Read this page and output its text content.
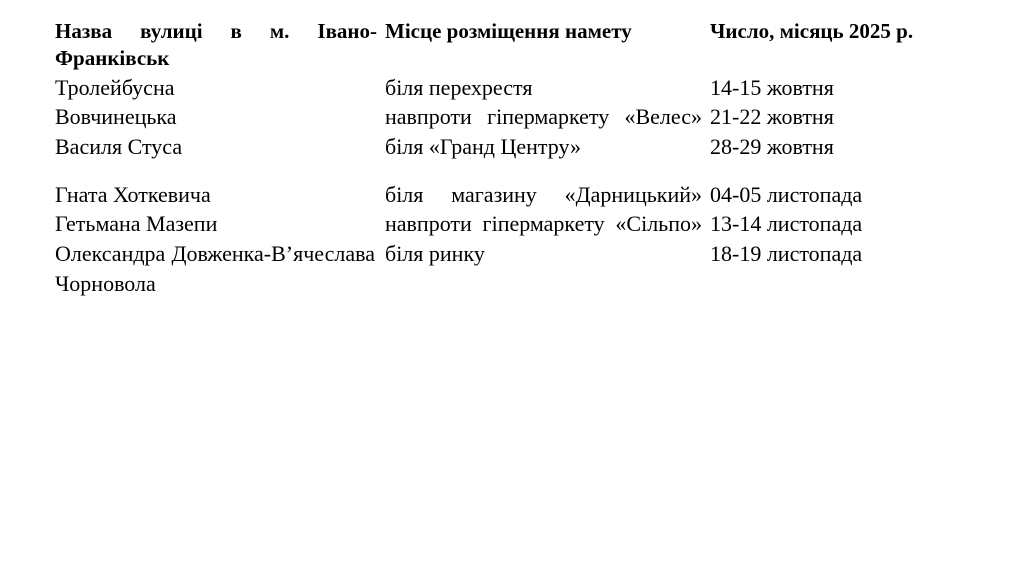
Назва вулиці в м. Івано-Франківськ	Місце розміщення намету	Число, місяць 2025 р.
Тролейбусна	біля перехрестя	14-15 жовтня
Вовчинецька	навпроти гіпермаркету «Велес»	21-22 жовтня
Василя Стуса	біля «Гранд Центру»	28-29 жовтня
Гната Хоткевича	біля магазину «Дарницький»	04-05 листопада
Гетьмана Мазепи	навпроти гіпермаркету «Сільпо»	13-14 листопада
Олександра Довженка-В’ячеслава Чорновола	біля ринку	18-19 листопада
